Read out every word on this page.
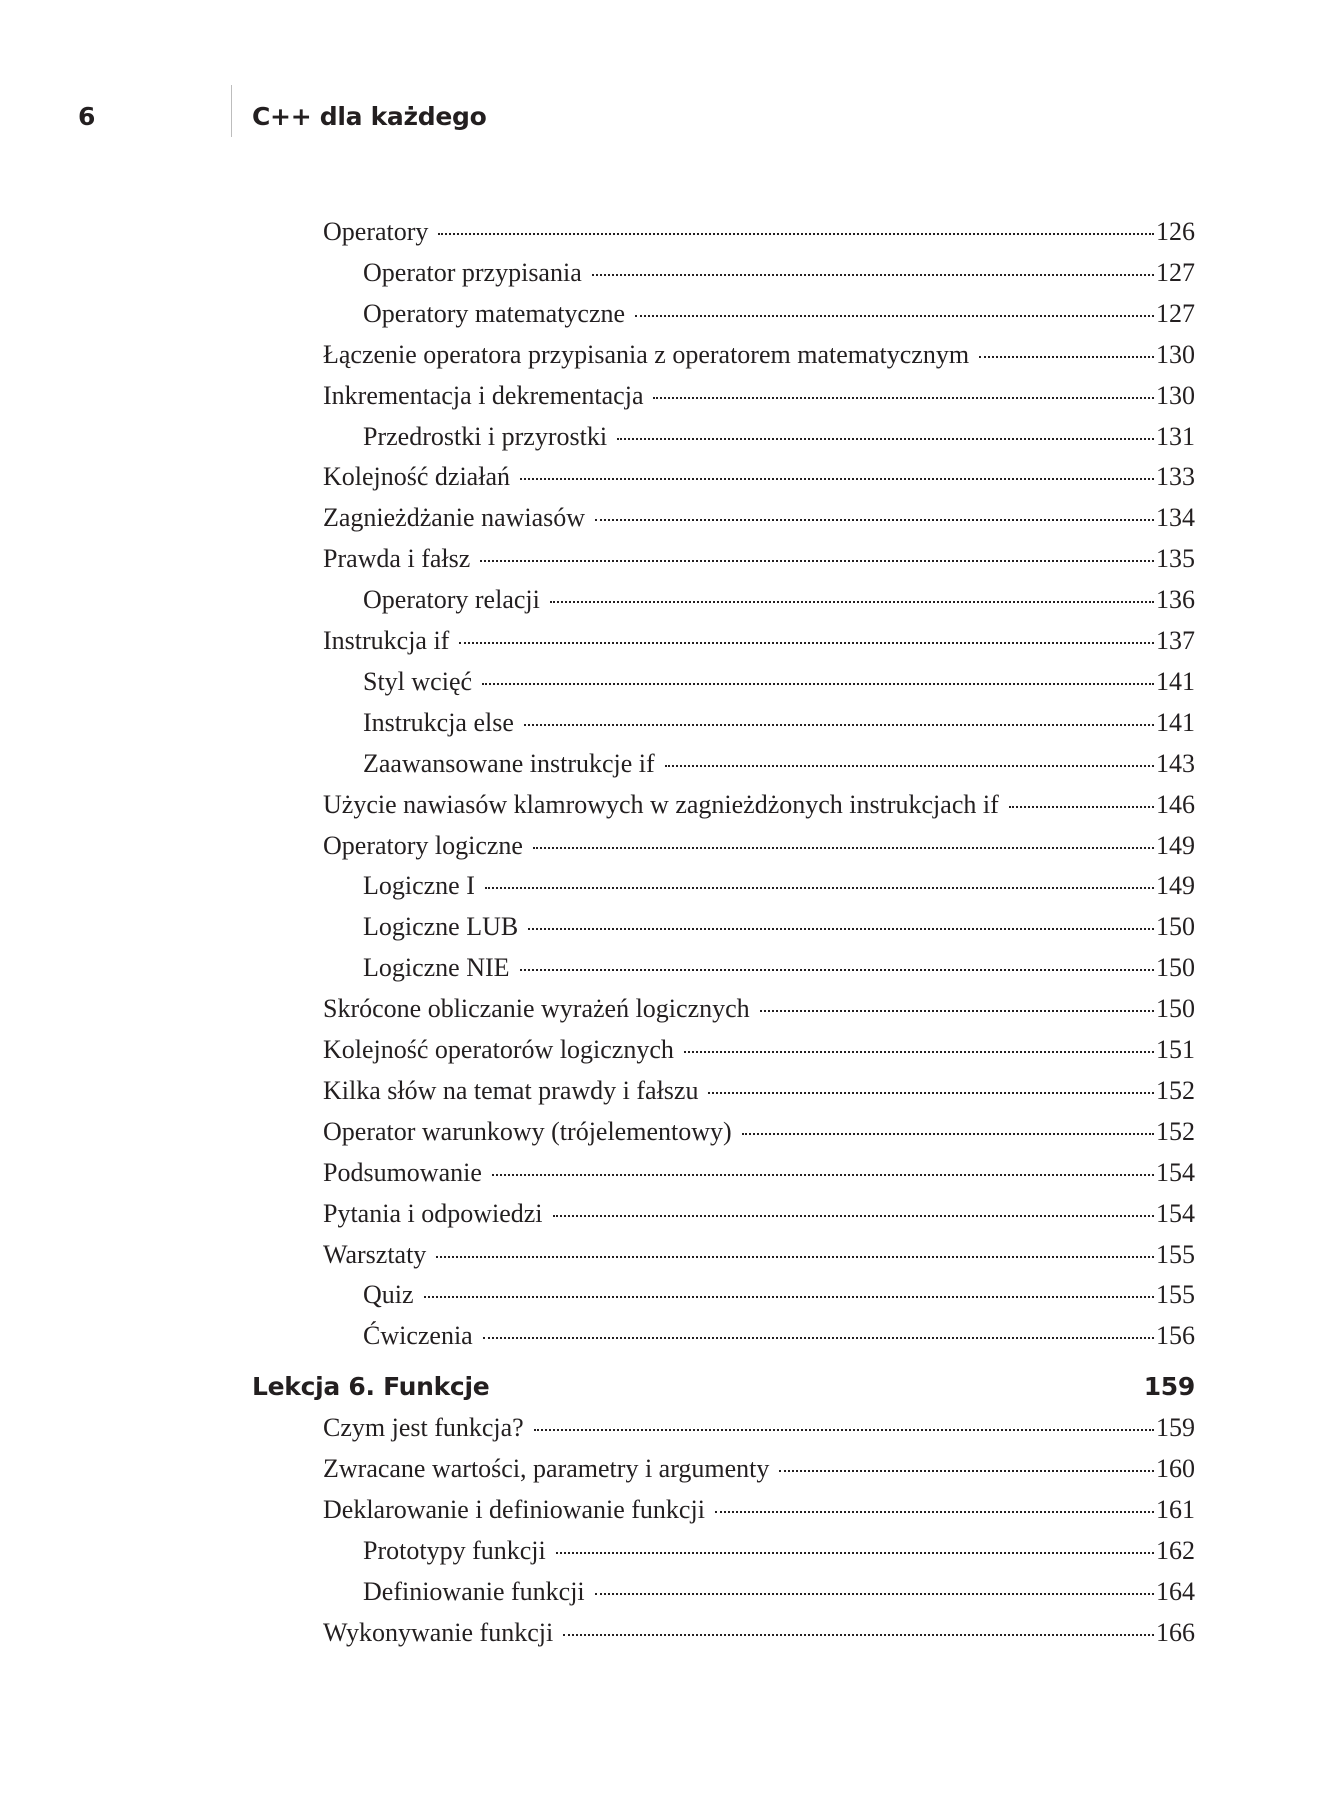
6	C++ dla każdego
Operatory	126
Operator przypisania	127
Operatory matematyczne	127
Łączenie operatora przypisania z operatorem matematycznym	130
Inkrementacja i dekrementacja	130
Przedrostki i przyrostki	131
Kolejność działań	133
Zagnieżdżanie nawiasów	134
Prawda i fałsz	135
Operatory relacji	136
Instrukcja if	137
Styl wcięć	141
Instrukcja else	141
Zaawansowane instrukcje if	143
Użycie nawiasów klamrowych w zagnieżdżonych instrukcjach if	146
Operatory logiczne	149
Logiczne I	149
Logiczne LUB	150
Logiczne NIE	150
Skrócone obliczanie wyrażeń logicznych	150
Kolejność operatorów logicznych	151
Kilka słów na temat prawdy i fałszu	152
Operator warunkowy (trójelementowy)	152
Podsumowanie	154
Pytania i odpowiedzi	154
Warsztaty	155
Quiz	155
Ćwiczenia	156
Lekcja 6. Funkcje	159
Czym jest funkcja?	159
Zwracane wartości, parametry i argumenty	160
Deklarowanie i definiowanie funkcji	161
Prototypy funkcji	162
Definiowanie funkcji	164
Wykonywanie funkcji	166
